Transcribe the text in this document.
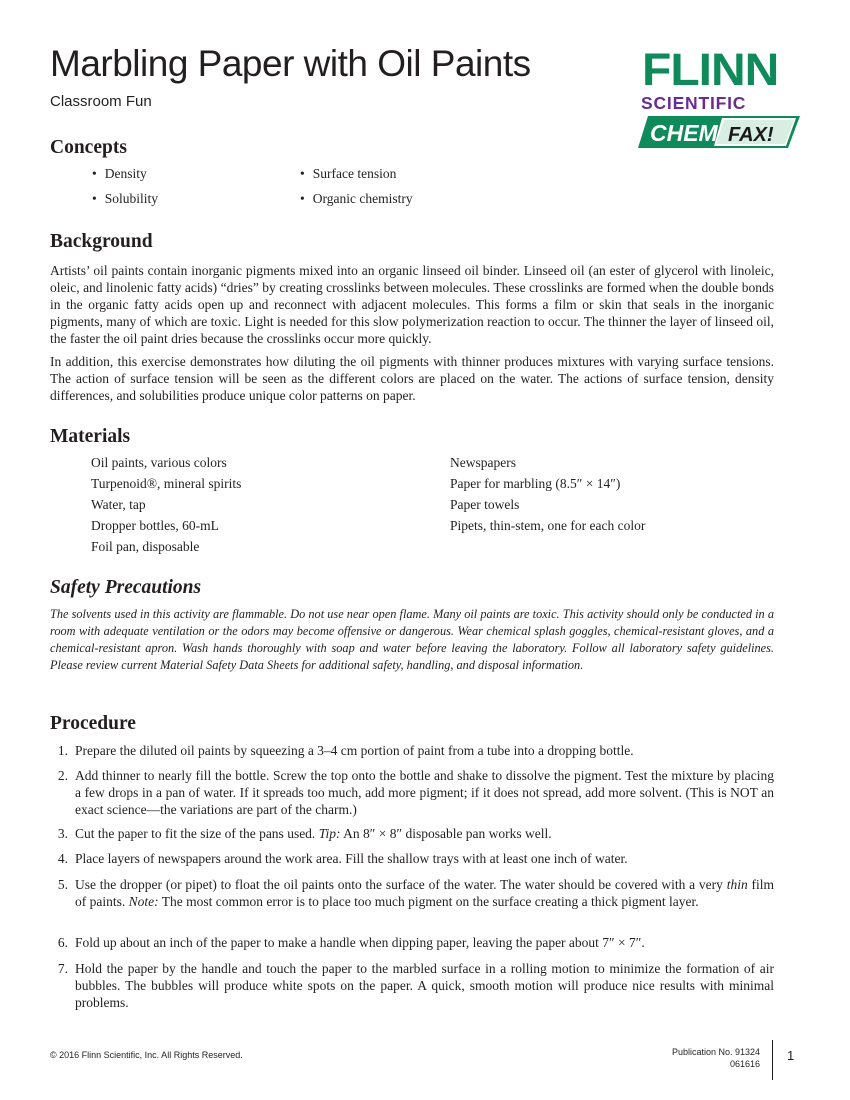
Marbling Paper with Oil Paints
Classroom Fun
FLINN
SCIENTIFIC
CHEM FAX!
Concepts
• Density	• Surface tension
• Solubility	• Organic chemistry
Background
Artists’ oil paints contain inorganic pigments mixed into an organic linseed oil binder. Linseed oil (an ester of glycerol with linoleic, oleic, and linolenic fatty acids) “dries” by creating crosslinks between molecules. These crosslinks are formed when the double bonds in the organic fatty acids open up and reconnect with adjacent molecules. This forms a film or skin that seals in the inorganic pigments, many of which are toxic. Light is needed for this slow polymerization reaction to occur. The thinner the layer of linseed oil, the faster the oil paint dries because the crosslinks occur more quickly.
In addition, this exercise demonstrates how diluting the oil pigments with thinner produces mixtures with varying surface tensions. The action of surface tension will be seen as the different colors are placed on the water. The actions of surface tension, density differences, and solubilities produce unique color patterns on paper.
Materials
Oil paints, various colors
Turpenoid®, mineral spirits
Water, tap
Dropper bottles, 60-mL
Foil pan, disposable
Newspapers
Paper for marbling (8.5″ × 14″)
Paper towels
Pipets, thin-stem, one for each color
Safety Precautions
The solvents used in this activity are flammable. Do not use near open flame. Many oil paints are toxic. This activity should only be conducted in a room with adequate ventilation or the odors may become offensive or dangerous. Wear chemical splash goggles, chemical-resistant gloves, and a chemical-resistant apron. Wash hands thoroughly with soap and water before leaving the laboratory. Follow all laboratory safety guidelines. Please review current Material Safety Data Sheets for additional safety, handling, and disposal information.
Procedure
1. Prepare the diluted oil paints by squeezing a 3–4 cm portion of paint from a tube into a dropping bottle.
2. Add thinner to nearly fill the bottle. Screw the top onto the bottle and shake to dissolve the pigment. Test the mixture by placing a few drops in a pan of water. If it spreads too much, add more pigment; if it does not spread, add more solvent. (This is NOT an exact science—the variations are part of the charm.)
3. Cut the paper to fit the size of the pans used. Tip: An 8″ × 8″ disposable pan works well.
4. Place layers of newspapers around the work area. Fill the shallow trays with at least one inch of water.
5. Use the dropper (or pipet) to float the oil paints onto the surface of the water. The water should be covered with a very thin film of paints. Note: The most common error is to place too much pigment on the surface creating a thick pigment layer.
6. Fold up about an inch of the paper to make a handle when dipping paper, leaving the paper about 7″ × 7″.
7. Hold the paper by the handle and touch the paper to the marbled surface in a rolling motion to minimize the formation of air bubbles. The bubbles will produce white spots on the paper. A quick, smooth motion will produce nice results with minimal problems.
© 2016 Flinn Scientific, Inc. All Rights Reserved.	Publication No. 91324
061616
1
